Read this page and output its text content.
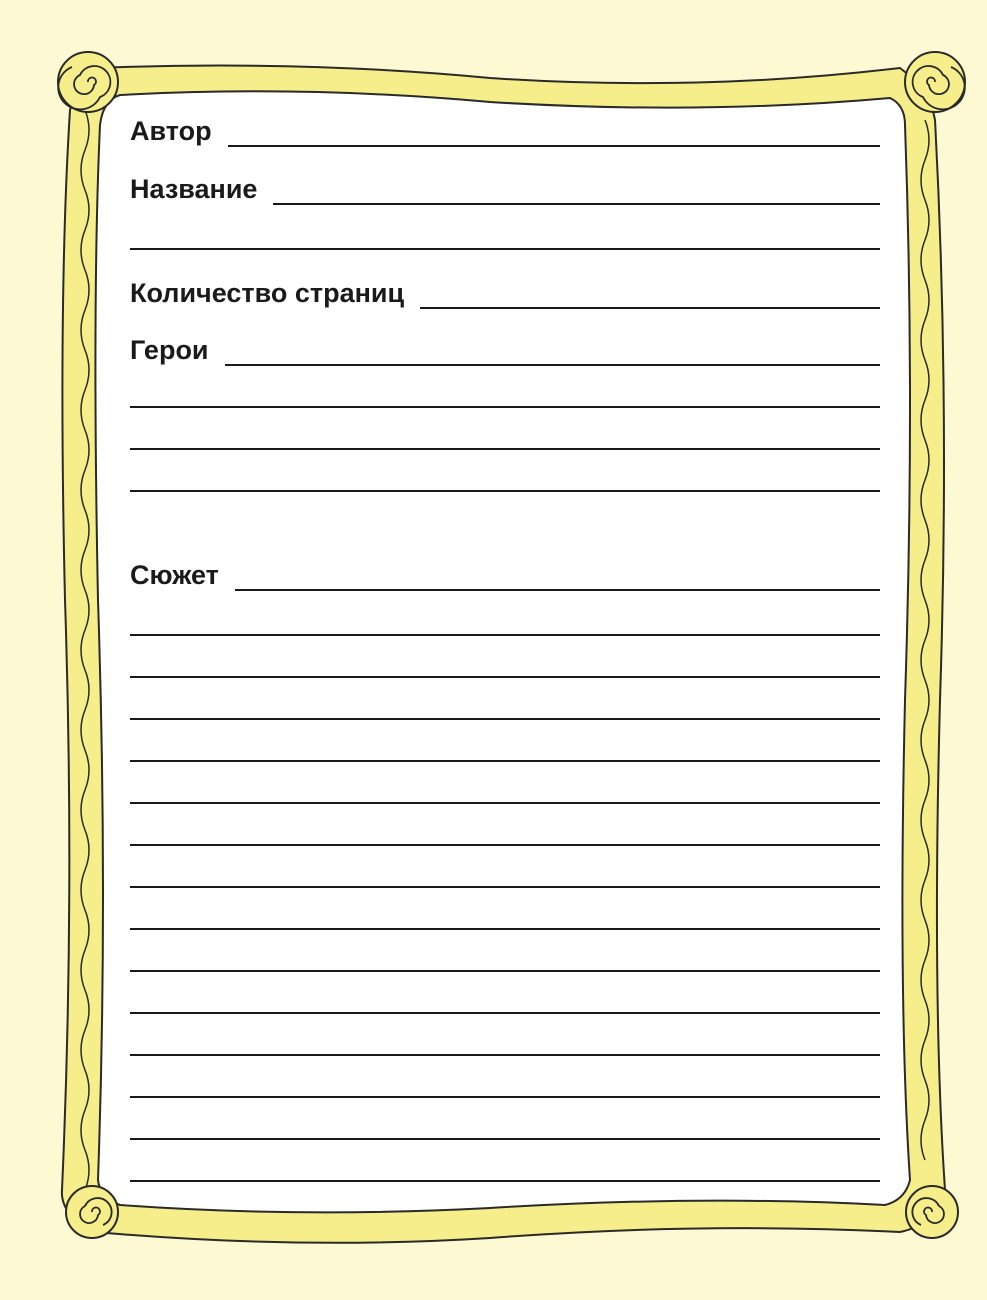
Автор
Название
Количество страниц
Герои
Сюжет
